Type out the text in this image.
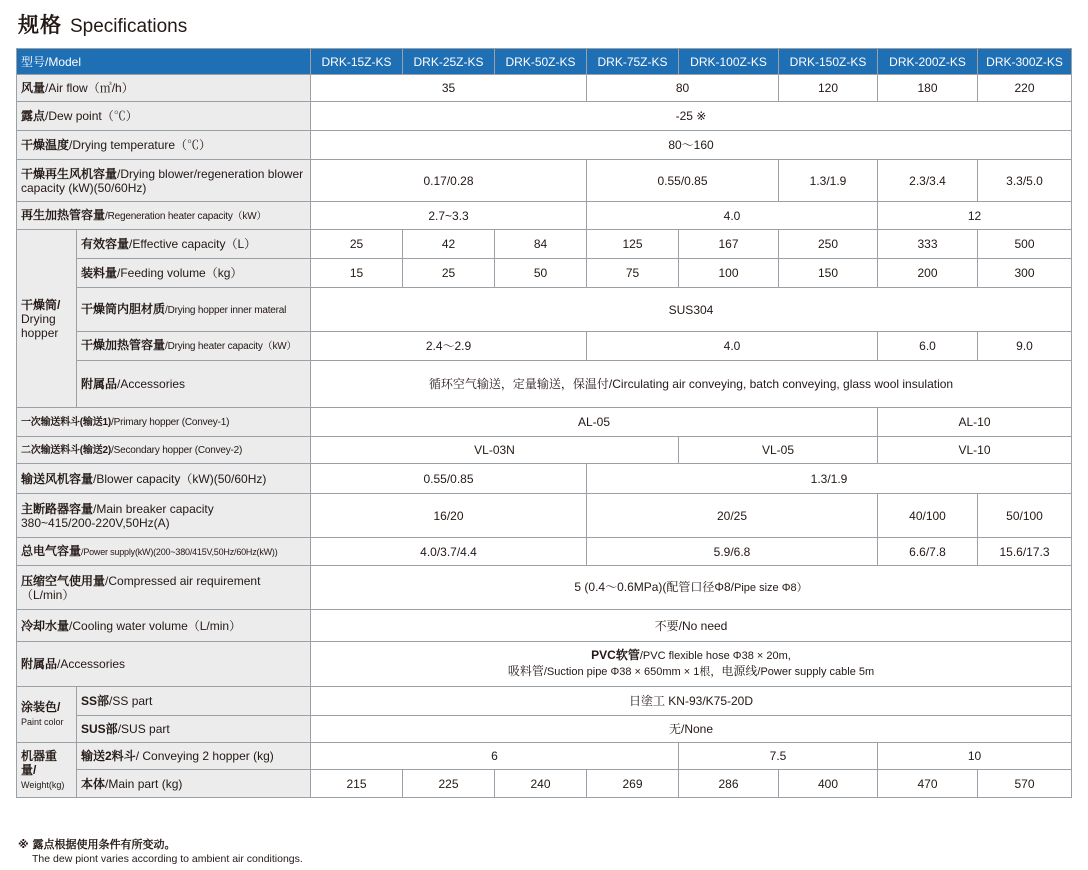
规格 Specifications
型号/Model		DRK-15Z-KS	DRK-25Z-KS	DRK-50Z-KS	DRK-75Z-KS	DRK-100Z-KS	DRK-150Z-KS	DRK-200Z-KS	DRK-300Z-KS	
风量/Air flow（㎥/h）		35			80		120	180	220	
露点/Dew point（℃）		-25 ※								
干燥温度/Drying temperature（℃）		80～160								
干燥再生风机容量/Drying blower/regeneration blower capacity (kW)(50/60Hz)		0.17/0.28			0.55/0.85		1.3/1.9	2.3/3.4	3.3/5.0	
再生加热管容量/Regeneration heater capacity（kW）		2.7~3.3			4.0			12		
干燥筒/
Drying hopper	有效容量/Effective capacity（L）	25	42	84	125	167	250	333	500	
	装料量/Feeding volume（kg）	15	25	50	75	100	150	200	300	
	干燥筒内胆材质/Drying hopper inner materal	SUS304								
	干燥加热管容量/Drying heater capacity（kW）	2.4～2.9			4.0			6.0	9.0	
	附属品/Accessories	循环空气输送，定量输送，保温付/Circulating air conveying, batch conveying, glass wool insulation								
一次输送料斗(输送1)/Primary hopper (Convey-1)		AL-05						AL-10		
二次输送料斗(输送2)/Secondary hopper (Convey-2)		VL-03N				VL-05		VL-10		
输送风机容量/Blower capacity（kW)(50/60Hz)		0.55/0.85			1.3/1.9					
主断路器容量/Main breaker capacity
380~415/200-220V,50Hz(A)		16/20			20/25			40/100	50/100	
总电气容量/Power supply(kW)(200~380/415V,50Hz/60Hz(kW))		4.0/3.7/4.4			5.9/6.8			6.6/7.8	15.6/17.3	
压缩空气使用量/Compressed air requirement（L/min）		5 (0.4～0.6MPa)(配管口径Φ8/Pipe size Φ8）								
冷却水量/Cooling water volume（L/min）		不要/No need								
附属品/Accessories		PVC软管/PVC flexible hose Φ38 × 20m,
吸料管/Suction pipe Φ38 × 650mm × 1根，电源线/Power supply cable 5m								
涂装色/
Paint color	SS部/SS part	日塗工 KN-93/K75-20D								
	SUS部/SUS part	无/None								
机器重量/
Weight(kg)	输送2料斗/ Conveying 2 hopper (kg)	6				7.5		10		
	本体/Main part (kg)	215	225	240	269	286	400	470	570	
※ 露点根据使用条件有所变动。
The dew piont varies according to ambient air conditiongs.
